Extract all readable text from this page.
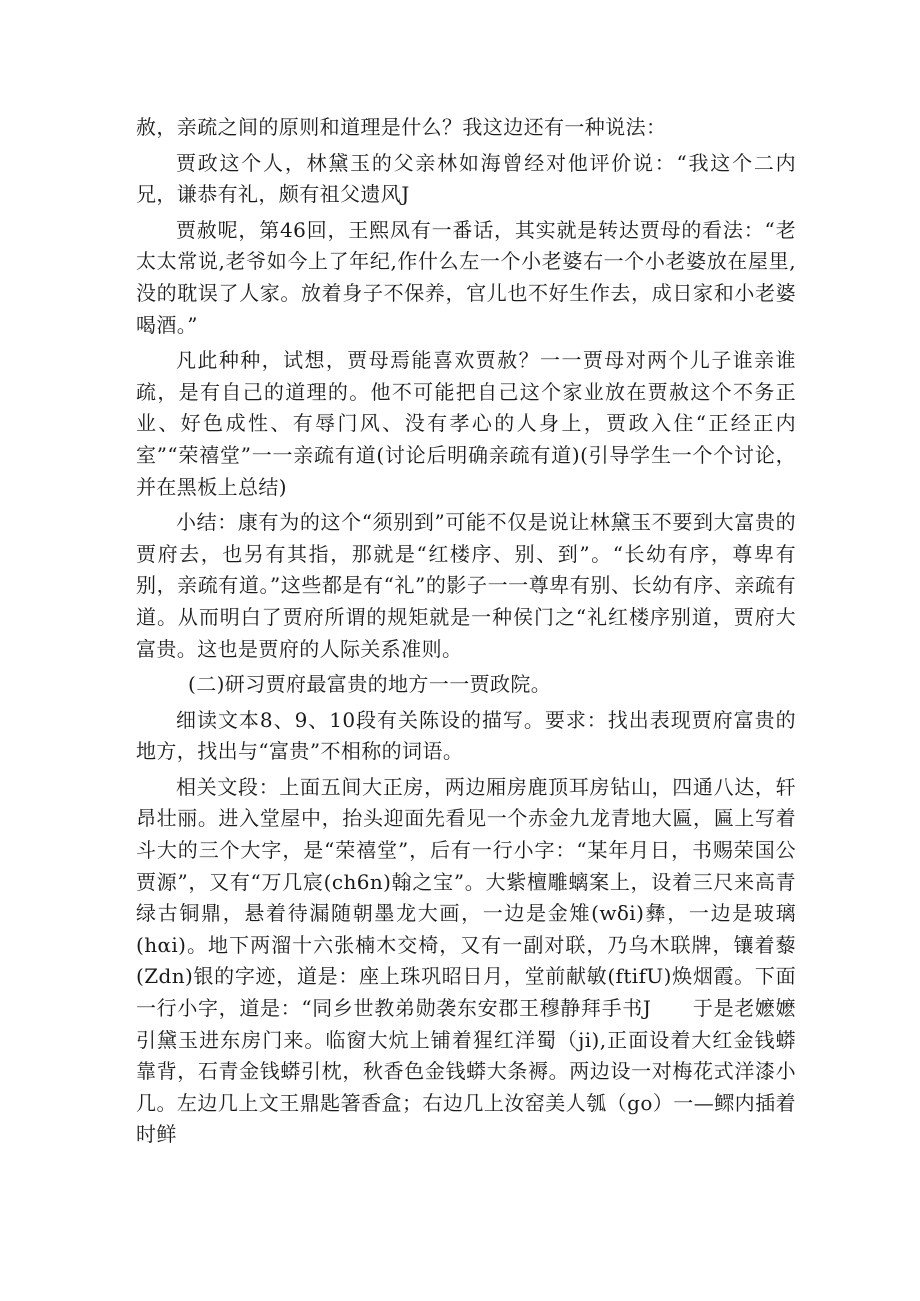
赦，亲疏之间的原则和道理是什么？我这边还有一种说法：

贾政这个人，林黛玉的父亲林如海曾经对他评价说：“我这个二内兄，谦恭有礼，颇有祖父遗风J

贾赦呢，第46回，王熙凤有一番话，其实就是转达贾母的看法：“老太太常说,老爷如今上了年纪,作什么左一个小老婆右一个小老婆放在屋里,没的耽误了人家。放着身子不保养，官儿也不好生作去，成日家和小老婆喝酒。”

凡此种种，试想，贾母焉能喜欢贾赦？一一贾母对两个儿子谁亲谁疏，是有自己的道理的。他不可能把自己这个家业放在贾赦这个不务正业、好色成性、有辱门风、没有孝心的人身上，贾政入住“正经正内室”“荣禧堂”一一亲疏有道(讨论后明确亲疏有道)(引导学生一个个讨论，并在黑板上总结)

小结：康有为的这个“须别到”可能不仅是说让林黛玉不要到大富贵的贾府去，也另有其指，那就是“红楼序、别、到”。“长幼有序，尊卑有别，亲疏有道。”这些都是有“礼”的影子一一尊卑有别、长幼有序、亲疏有道。从而明白了贾府所谓的规矩就是一种侯门之“礼红楼序别道，贾府大富贵。这也是贾府的人际关系准则。

(二)研习贾府最富贵的地方一一贾政院。

细读文本8、9、10段有关陈设的描写。要求：找出表现贾府富贵的地方，找出与“富贵”不相称的词语。

相关文段：上面五间大正房，两边厢房鹿顶耳房钻山，四通八达，轩昂壮丽。进入堂屋中，抬头迎面先看见一个赤金九龙青地大匾，匾上写着斗大的三个大字，是“荣禧堂”，后有一行小字：“某年月日，书赐荣国公贾源”，又有“万几宸(ch6n)翰之宝”。大紫檀雕螭案上，设着三尺来高青绿古铜鼎，悬着待漏随朝墨龙大画，一边是金雉(wδi)彝，一边是玻璃(hαi)。地下两溜十六张楠木交椅，又有一副对联，乃乌木联牌，镶着藜(Zdn)银的字迹，道是：座上珠巩昭日月，堂前献敏(ftifU)焕烟霞。下面一行小字，道是：“同乡世教弟勋袭东安郡王穆静拜手书J　　于是老嬷嬷引黛玉进东房门来。临窗大炕上铺着猩红洋蜀（ji),正面设着大红金钱蟒靠背，石青金钱蟒引枕，秋香色金钱蟒大条褥。两边设一对梅花式洋漆小几。左边几上文王鼎匙箸香盒；右边几上汝窑美人瓠（go）一—鳏内插着时鲜
